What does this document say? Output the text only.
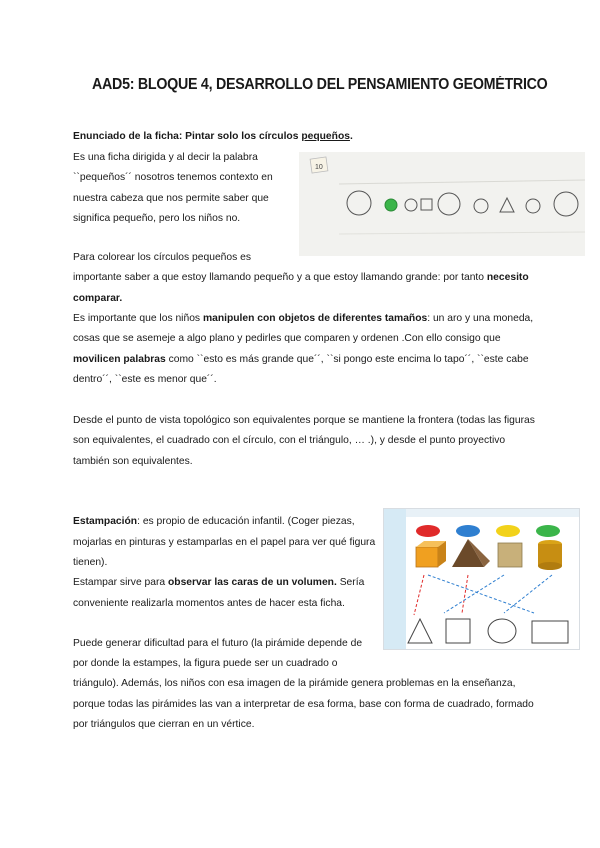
AAD5: BLOQUE 4, DESARROLLO DEL PENSAMIENTO GEOMÉTRICO
Enunciado de la ficha: Pintar solo los círculos pequeños.
Es una ficha dirigida y al decir la palabra
``pequeños´´ nosotros tenemos contexto en
nuestra cabeza que nos permite saber que
significa pequeño, pero los niños no.
10
Para colorear los círculos pequeños es
importante saber a que estoy llamando pequeño y a que estoy llamando grande: por tanto necesito
comparar.
Es importante que los niños manipulen con objetos de diferentes tamaños: un aro y una moneda,
cosas que se asemeje a algo plano y pedirles que comparen y ordenen .Con ello consigo que
movilicen palabras como ``esto es más grande que´´, ``si pongo este encima lo tapo´´, ``este cabe
dentro´´, ``este es menor que´´.
Desde el punto de vista topológico son equivalentes porque se mantiene la frontera (todas las figuras
son equivalentes, el cuadrado con el círculo, con el triángulo, … .), y desde el punto proyectivo
también son equivalentes.
Estampación: es propio de educación infantil. (Coger piezas,
mojarlas en pinturas y estamparlas en el papel para ver qué figura
tienen).
Estampar sirve para observar las caras de un volumen. Sería
conveniente realizarla momentos antes de hacer esta ficha.
Puede generar dificultad para el futuro (la pirámide depende de
por donde la estampes, la figura puede ser un cuadrado o
triángulo). Además, los niños con esa imagen de la pirámide genera problemas en la enseñanza,
porque todas las pirámides las van a interpretar de esa forma, base con forma de cuadrado, formado
por triángulos que cierran en un vértice.
